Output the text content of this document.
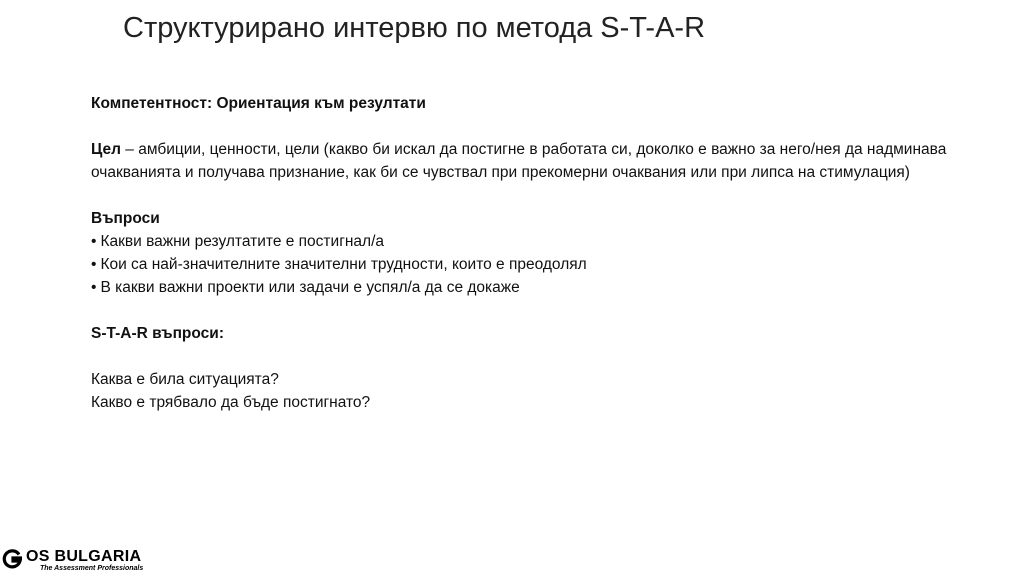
Структурирано интервю по метода S-T-A-R
Компетентност: Ориентация към резултати

Цел – амбиции, ценности, цели (какво би искал да постигне в работата си, доколко е важно за него/нея да надминава очакванията и получава признание, как би се чувствал при прекомерни очаквания или при липса на стимулация)

Въпроси
• Какви важни резултатите е постигнал/а
• Кои са най-значителните значителни трудности, които е преодолял
• В какви важни проекти или задачи е успял/а да се докаже
S-T-A-R въпроси:
Каква е била ситуацията?
Какво е трябвало да бъде постигнато?
OS BULGARIA
The Assessment Professionals
